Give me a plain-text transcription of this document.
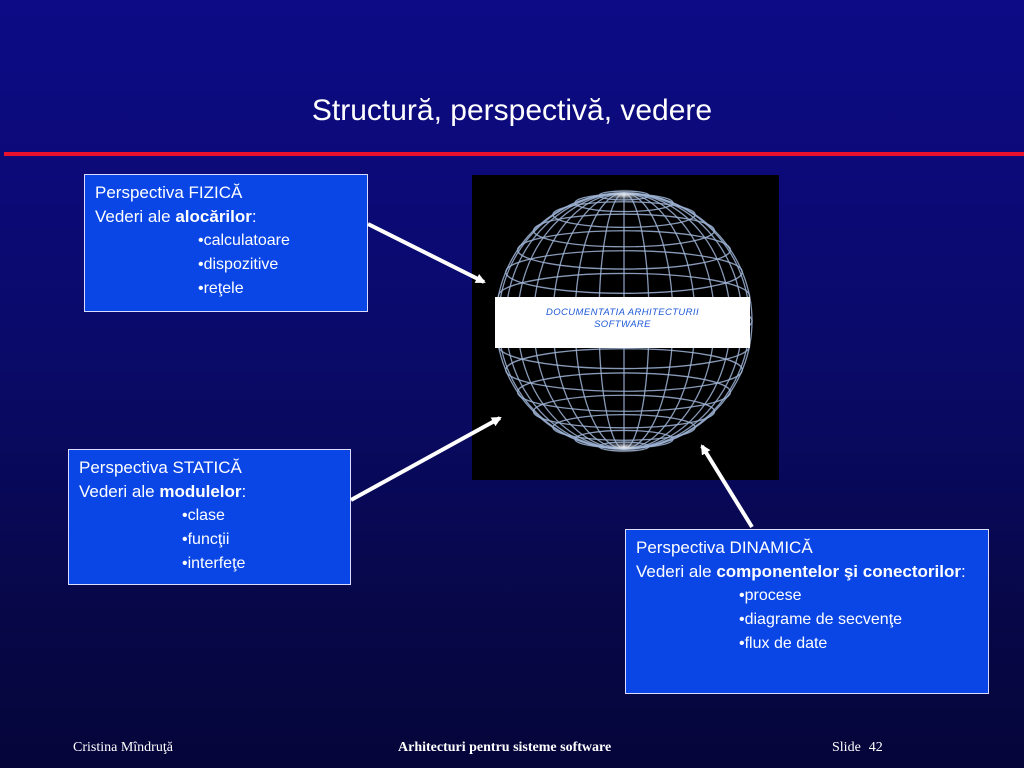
Structură, perspectivă, vedere
Perspectiva FIZICĂ
Vederi ale alocărilor:
•calculatoare
•dispozitive
•reţele
Perspectiva STATICĂ
Vederi ale modulelor:
•clase
•funcţii
•interfeţe
Perspectiva DINAMICĂ
Vederi ale componentelor şi conectorilor:
•procese
•diagrame de secvenţe
•flux de date
DOCUMENTATIA ARHITECTURII
SOFTWARE
Cristina Mîndruţă	Arhitecturi pentru sisteme software	Slide 42
